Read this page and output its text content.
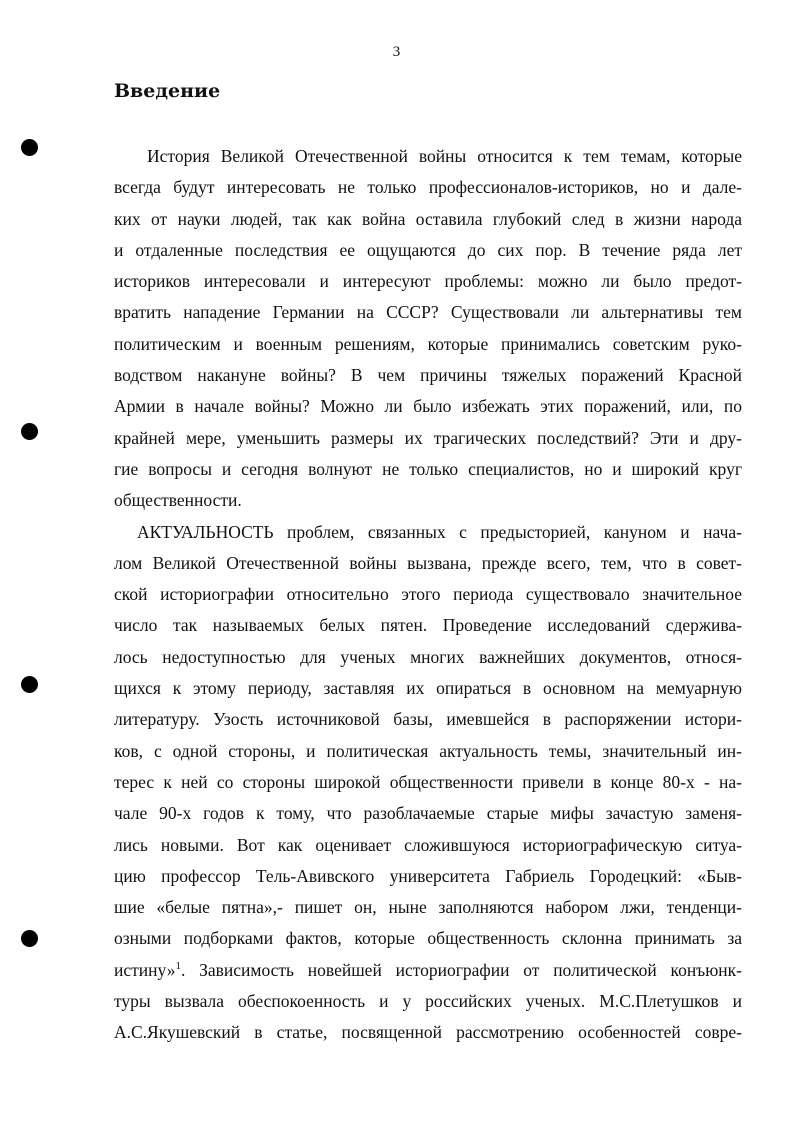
3
Введение
История Великой Отечественной войны относится к тем темам, которые
всегда будут интересовать не только профессионалов-историков, но и дале-
ких от науки людей, так как война оставила глубокий след в жизни народа
и отдаленные последствия ее ощущаются до сих пор. В течение ряда лет
историков интересовали и интересуют проблемы: можно ли было предот-
вратить нападение Германии на СССР? Существовали ли альтернативы тем
политическим и военным решениям, которые принимались советским руко-
водством накануне войны? В чем причины тяжелых поражений Красной
Армии в начале войны? Можно ли было избежать этих поражений, или, по
крайней мере, уменьшить размеры их трагических последствий? Эти и дру-
гие вопросы и сегодня волнуют не только специалистов, но и широкий круг
общественности.
АКТУАЛЬНОСТЬ проблем, связанных с предысторией, кануном и нача-
лом Великой Отечественной войны вызвана, прежде всего, тем, что в совет-
ской историографии относительно этого периода существовало значительное
число так называемых белых пятен. Проведение исследований сдержива-
лось недоступностью для ученых многих важнейших документов, относя-
щихся к этому периоду, заставляя их опираться в основном на мемуарную
литературу. Узость источниковой базы, имевшейся в распоряжении истори-
ков, с одной стороны, и политическая актуальность темы, значительный ин-
терес к ней со стороны широкой общественности привели в конце 80-х - на-
чале 90-х годов к тому, что разоблачаемые старые мифы зачастую заменя-
лись новыми. Вот как оценивает сложившуюся историографическую ситуа-
цию профессор Тель-Авивского университета Габриель Городецкий: «Быв-
шие «белые пятна»,- пишет он, ныне заполняются набором лжи, тенденци-
озными подборками фактов, которые общественность склонна принимать за
истину»$^1$. Зависимость новейшей историографии от политической конъюнк-
туры вызвала обеспокоенность и у российских ученых. М.С.Плетушков и
А.С.Якушевский в статье, посвященной рассмотрению особенностей совре-
